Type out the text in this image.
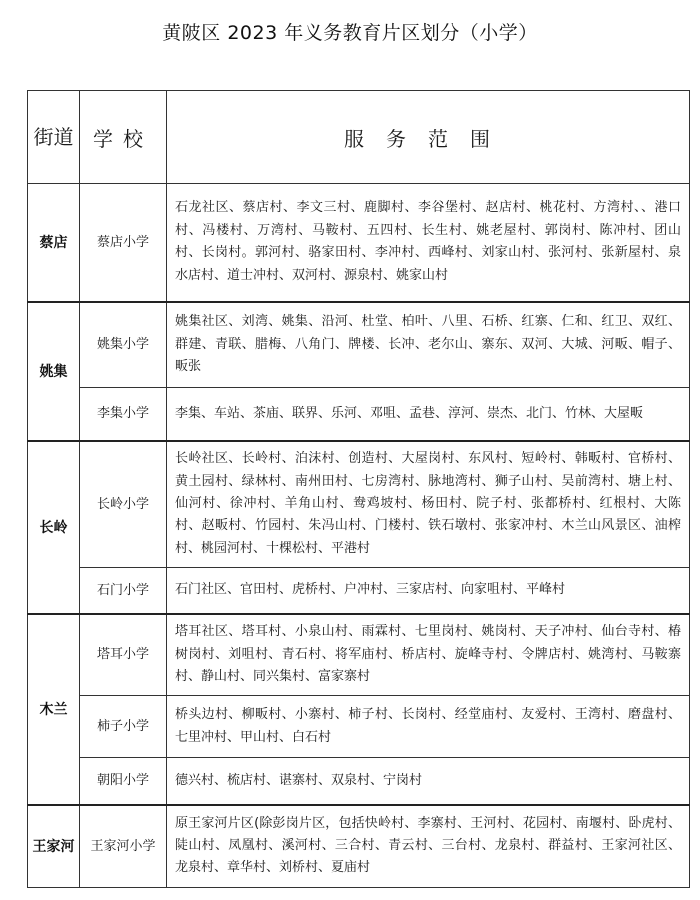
黄陂区 2023 年义务教育片区划分（小学）
街道	学校	服务范围
蔡店	蔡店小学	石龙社区、蔡店村、李文三村、鹿脚村、李谷堡村、赵店村、桃花村、方湾村、、港口村、冯楼村、万湾村、马鞍村、五四村、长生村、姚老屋村、郭岗村、陈冲村、团山村、长岗村。郭河村、骆家田村、李冲村、西峰村、刘家山村、张河村、张新屋村、泉水店村、道士冲村、双河村、源泉村、姚家山村
姚集	姚集小学	姚集社区、刘湾、姚集、沿河、杜堂、柏叶、八里、石桥、红寨、仁和、红卫、双红、群建、青联、腊梅、八角门、牌楼、长冲、老尔山、寨东、双河、大城、河畈、帽子、畈张
	李集小学	李集、车站、茶庙、联界、乐河、邓咀、孟巷、淳河、崇杰、北门、竹林、大屋畈
长岭	长岭小学	长岭社区、长岭村、泊沫村、创造村、大屋岗村、东风村、短岭村、韩畈村、官桥村、黄土园村、绿林村、南州田村、七房湾村、脉地湾村、狮子山村、吴前湾村、塘上村、仙河村、徐冲村、羊角山村、鸯鸡坡村、杨田村、院子村、张都桥村、红根村、大陈村、赵畈村、竹园村、朱冯山村、门楼村、铁石墩村、张家冲村、木兰山风景区、油榨村、桃园河村、十棵松村、平港村
	石门小学	石门社区、官田村、虎桥村、户冲村、三家店村、向家咀村、平峰村
木兰	塔耳小学	塔耳社区、塔耳村、小泉山村、雨霖村、七里岗村、姚岗村、天子冲村、仙台寺村、椿树岗村、刘咀村、青石村、将军庙村、桥店村、旋峰寺村、令牌店村、姚湾村、马鞍寨村、静山村、同兴集村、富家寨村
	柿子小学	桥头边村、柳畈村、小寨村、柿子村、长岗村、经堂庙村、友爱村、王湾村、磨盘村、七里冲村、甲山村、白石村
	朝阳小学	德兴村、梳店村、谌寨村、双泉村、宁岗村
王家河	王家河小学	原王家河片区(除彭岗片区，包括快岭村、李寨村、王河村、花园村、南堰村、卧虎村、陡山村、凤凰村、溪河村、三合村、青云村、三台村、龙泉村、群益村、王家河社区、龙泉村、章华村、刘桥村、夏庙村
